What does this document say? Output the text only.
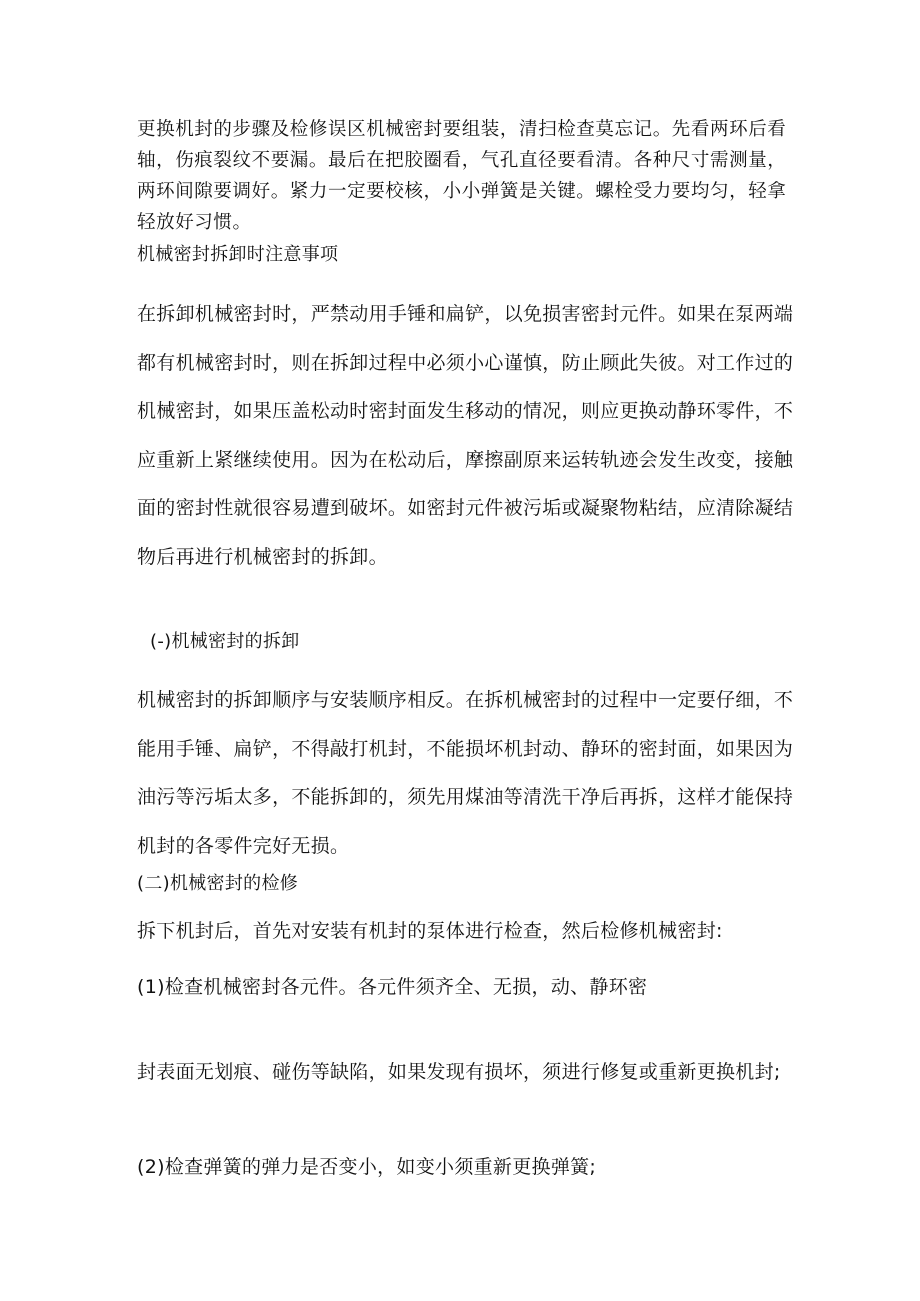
更换机封的步骤及检修误区机械密封要组装，清扫检查莫忘记。先看两环后看轴，伤痕裂纹不要漏。最后在把胶圈看，气孔直径要看清。各种尺寸需测量，两环间隙要调好。紧力一定要校核，小小弹簧是关键。螺栓受力要均匀，轻拿轻放好习惯。

机械密封拆卸时注意事项

在拆卸机械密封时，严禁动用手锤和扁铲，以免损害密封元件。如果在泵两端都有机械密封时，则在拆卸过程中必须小心谨慎，防止顾此失彼。对工作过的机械密封，如果压盖松动时密封面发生移动的情况，则应更换动静环零件，不应重新上紧继续使用。因为在松动后，摩擦副原来运转轨迹会发生改变，接触面的密封性就很容易遭到破坏。如密封元件被污垢或凝聚物粘结，应清除凝结物后再进行机械密封的拆卸。

(-)机械密封的拆卸

机械密封的拆卸顺序与安装顺序相反。在拆机械密封的过程中一定要仔细，不能用手锤、扁铲，不得敲打机封，不能损坏机封动、静环的密封面，如果因为油污等污垢太多，不能拆卸的，须先用煤油等清洗干净后再拆，这样才能保持机封的各零件完好无损。

(二)机械密封的检修

拆下机封后，首先对安装有机封的泵体进行检查，然后检修机械密封:

(1)检查机械密封各元件。各元件须齐全、无损，动、静环密

封表面无划痕、碰伤等缺陷，如果发现有损坏，须进行修复或重新更换机封;

(2)检查弹簧的弹力是否变小，如变小须重新更换弹簧;
